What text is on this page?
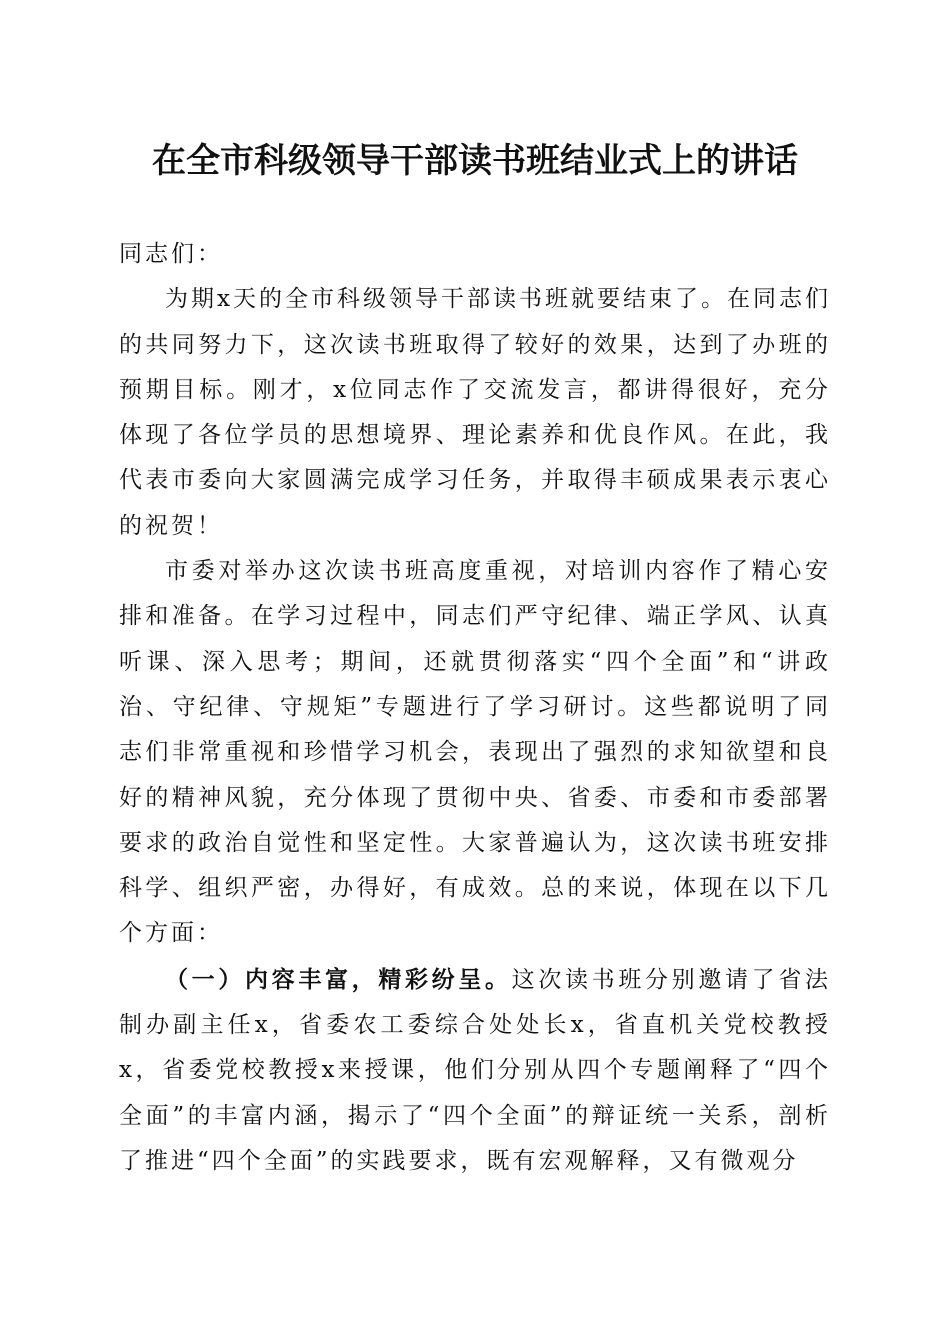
在全市科级领导干部读书班结业式上的讲话

同志们：

为期x天的全市科级领导干部读书班就要结束了。在同志们的共同努力下，这次读书班取得了较好的效果，达到了办班的预期目标。刚才，x位同志作了交流发言，都讲得很好，充分体现了各位学员的思想境界、理论素养和优良作风。在此，我代表市委向大家圆满完成学习任务，并取得丰硕成果表示衷心的祝贺！

市委对举办这次读书班高度重视，对培训内容作了精心安排和准备。在学习过程中，同志们严守纪律、端正学风、认真听课、深入思考；期间，还就贯彻落实“四个全面”和“讲政治、守纪律、守规矩”专题进行了学习研讨。这些都说明了同志们非常重视和珍惜学习机会，表现出了强烈的求知欲望和良好的精神风貌，充分体现了贯彻中央、省委、市委和市委部署要求的政治自觉性和坚定性。大家普遍认为，这次读书班安排科学、组织严密，办得好，有成效。总的来说，体现在以下几个方面：

（一）内容丰富，精彩纷呈。这次读书班分别邀请了省法制办副主任x，省委农工委综合处处长x，省直机关党校教授x，省委党校教授x来授课，他们分别从四个专题阐释了“四个全面”的丰富内涵，揭示了“四个全面”的辩证统一关系，剖析了推进“四个全面”的实践要求，既有宏观解释，又有微观分
